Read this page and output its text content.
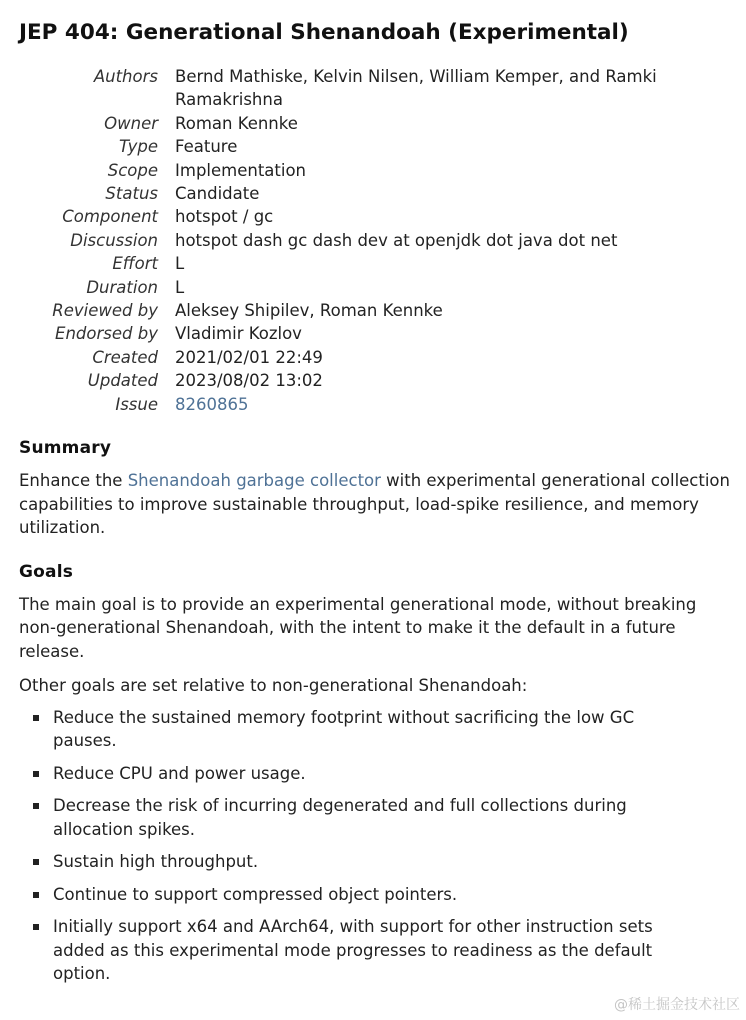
JEP 404: Generational Shenandoah (Experimental)
Authors	Bernd Mathiske, Kelvin Nilsen, William Kemper, and Ramki Ramakrishna
Owner	Roman Kennke
Type	Feature
Scope	Implementation
Status	Candidate
Component	hotspot / gc
Discussion	hotspot dash gc dash dev at openjdk dot java dot net
Effort	L
Duration	L
Reviewed by	Aleksey Shipilev, Roman Kennke
Endorsed by	Vladimir Kozlov
Created	2021/02/01 22:49
Updated	2023/08/02 13:02
Issue	8260865
Summary

Enhance the Shenandoah garbage collector with experimental generational collection capabilities to improve sustainable throughput, load-spike resilience, and memory utilization.

Goals

The main goal is to provide an experimental generational mode, without breaking non-generational Shenandoah, with the intent to make it the default in a future release.

Other goals are set relative to non-generational Shenandoah:

Reduce the sustained memory footprint without sacrificing the low GC pauses.
Reduce CPU and power usage.
Decrease the risk of incurring degenerated and full collections during allocation spikes.
Sustain high throughput.
Continue to support compressed object pointers.
Initially support x64 and AArch64, with support for other instruction sets added as this experimental mode progresses to readiness as the default option.
@稀土掘金技术社区
